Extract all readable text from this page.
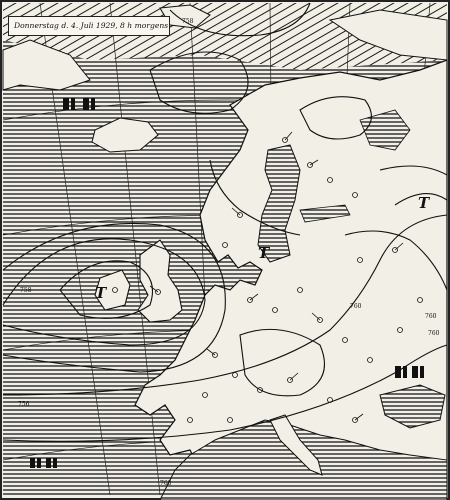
758
758
756
760
760
760
760
T
T
T
Donnerstag d. 4. Juli 1929, 8 h morgens
